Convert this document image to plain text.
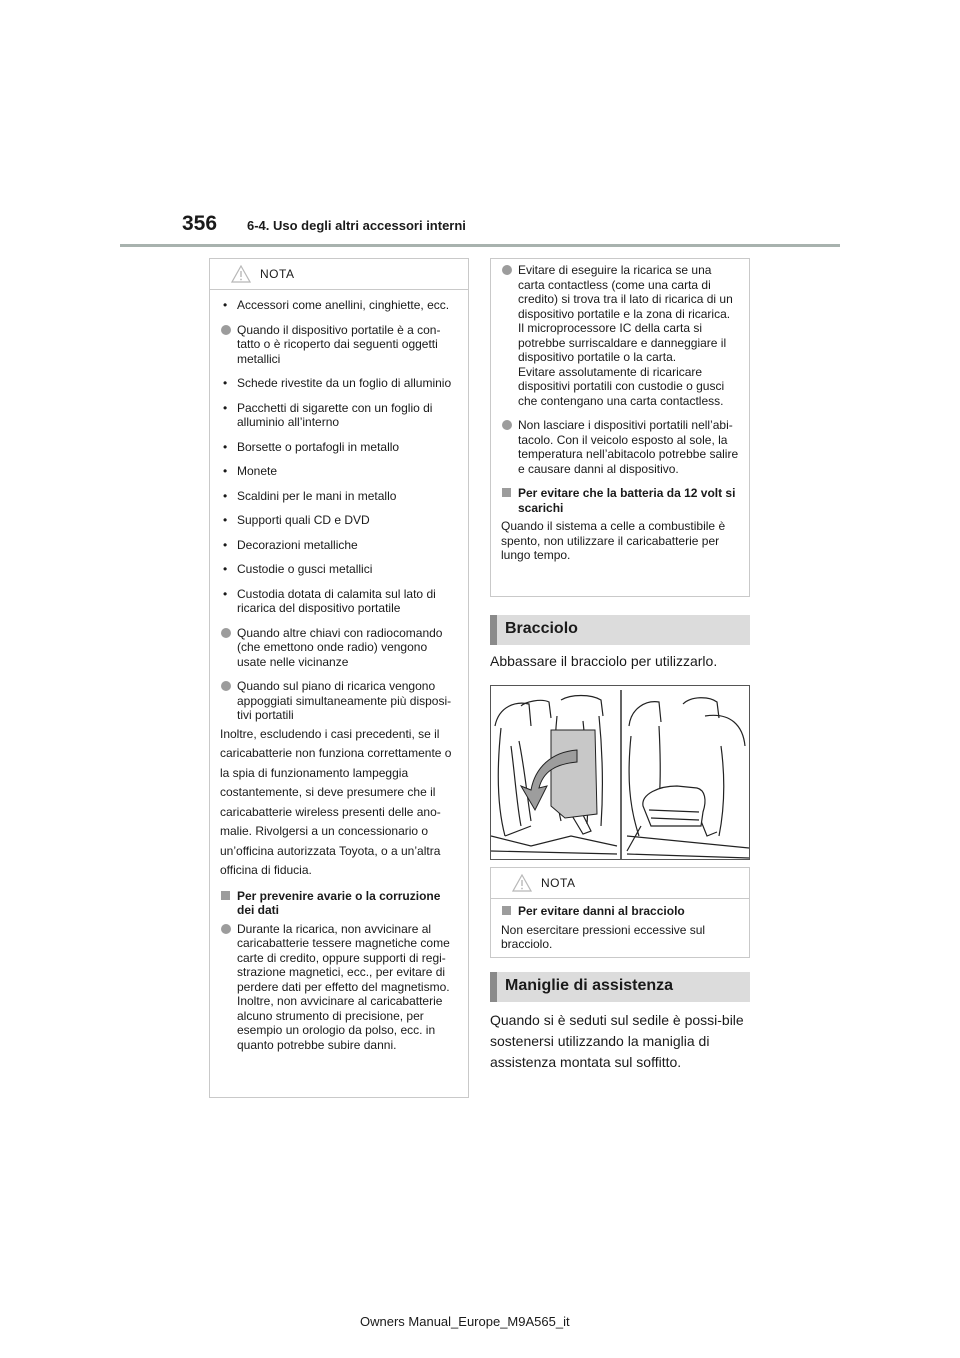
356 6-4. Uso degli altri accessori interni
NOTA
• Accessori come anellini, cinghiette, ecc.
Quando il dispositivo portatile è a con-tatto o è ricoperto dai seguenti oggetti metallici
• Schede rivestite da un foglio di alluminio
• Pacchetti di sigarette con un foglio di alluminio all’interno
• Borsette o portafogli in metallo
• Monete
• Scaldini per le mani in metallo
• Supporti quali CD e DVD
• Decorazioni metalliche
• Custodie o gusci metallici
• Custodia dotata di calamita sul lato di ricarica del dispositivo portatile
Quando altre chiavi con radiocomando (che emettono onde radio) vengono usate nelle vicinanze
Quando sul piano di ricarica vengono appoggiati simultaneamente più disposi-tivi portatili
Inoltre, escludendo i casi precedenti, se il caricabatterie non funziona correttamente o la spia di funzionamento lampeggia costantemente, si deve presumere che il caricabatterie wireless presenti delle ano-malie. Rivolgersi a un concessionario o un’officina autorizzata Toyota, o a un’altra officina di fiducia.
Per prevenire avarie o la corruzione dei dati
Durante la ricarica, non avvicinare al caricabatterie tessere magnetiche come carte di credito, oppure supporti di regi-strazione magnetici, ecc., per evitare di perdere dati per effetto del magnetismo. Inoltre, non avvicinare al caricabatterie alcuno strumento di precisione, per esempio un orologio da polso, ecc. in quanto potrebbe subire danni.
Evitare di eseguire la ricarica se una carta contactless (come una carta di credito) si trova tra il lato di ricarica di un dispositivo portatile e la zona di ricarica. Il microprocessore IC della carta si potrebbe surriscaldare e danneggiare il dispositivo portatile o la carta.
Evitare assolutamente di ricaricare dispositivi portatili con custodie o gusci che contengano una carta contactless.
Non lasciare i dispositivi portatili nell’abi-tacolo. Con il veicolo esposto al sole, la temperatura nell’abitacolo potrebbe salire e causare danni al dispositivo.
Per evitare che la batteria da 12 volt si scarichi
Quando il sistema a celle a combustibile è spento, non utilizzare il caricabatterie per lungo tempo.
Bracciolo
Abbassare il bracciolo per utilizzarlo.
NOTA
Per evitare danni al bracciolo
Non esercitare pressioni eccessive sul bracciolo.
Maniglie di assistenza
Quando si è seduti sul sedile è possi-bile sostenersi utilizzando la maniglia di assistenza montata sul soffitto.
Owners Manual_Europe_M9A565_it
